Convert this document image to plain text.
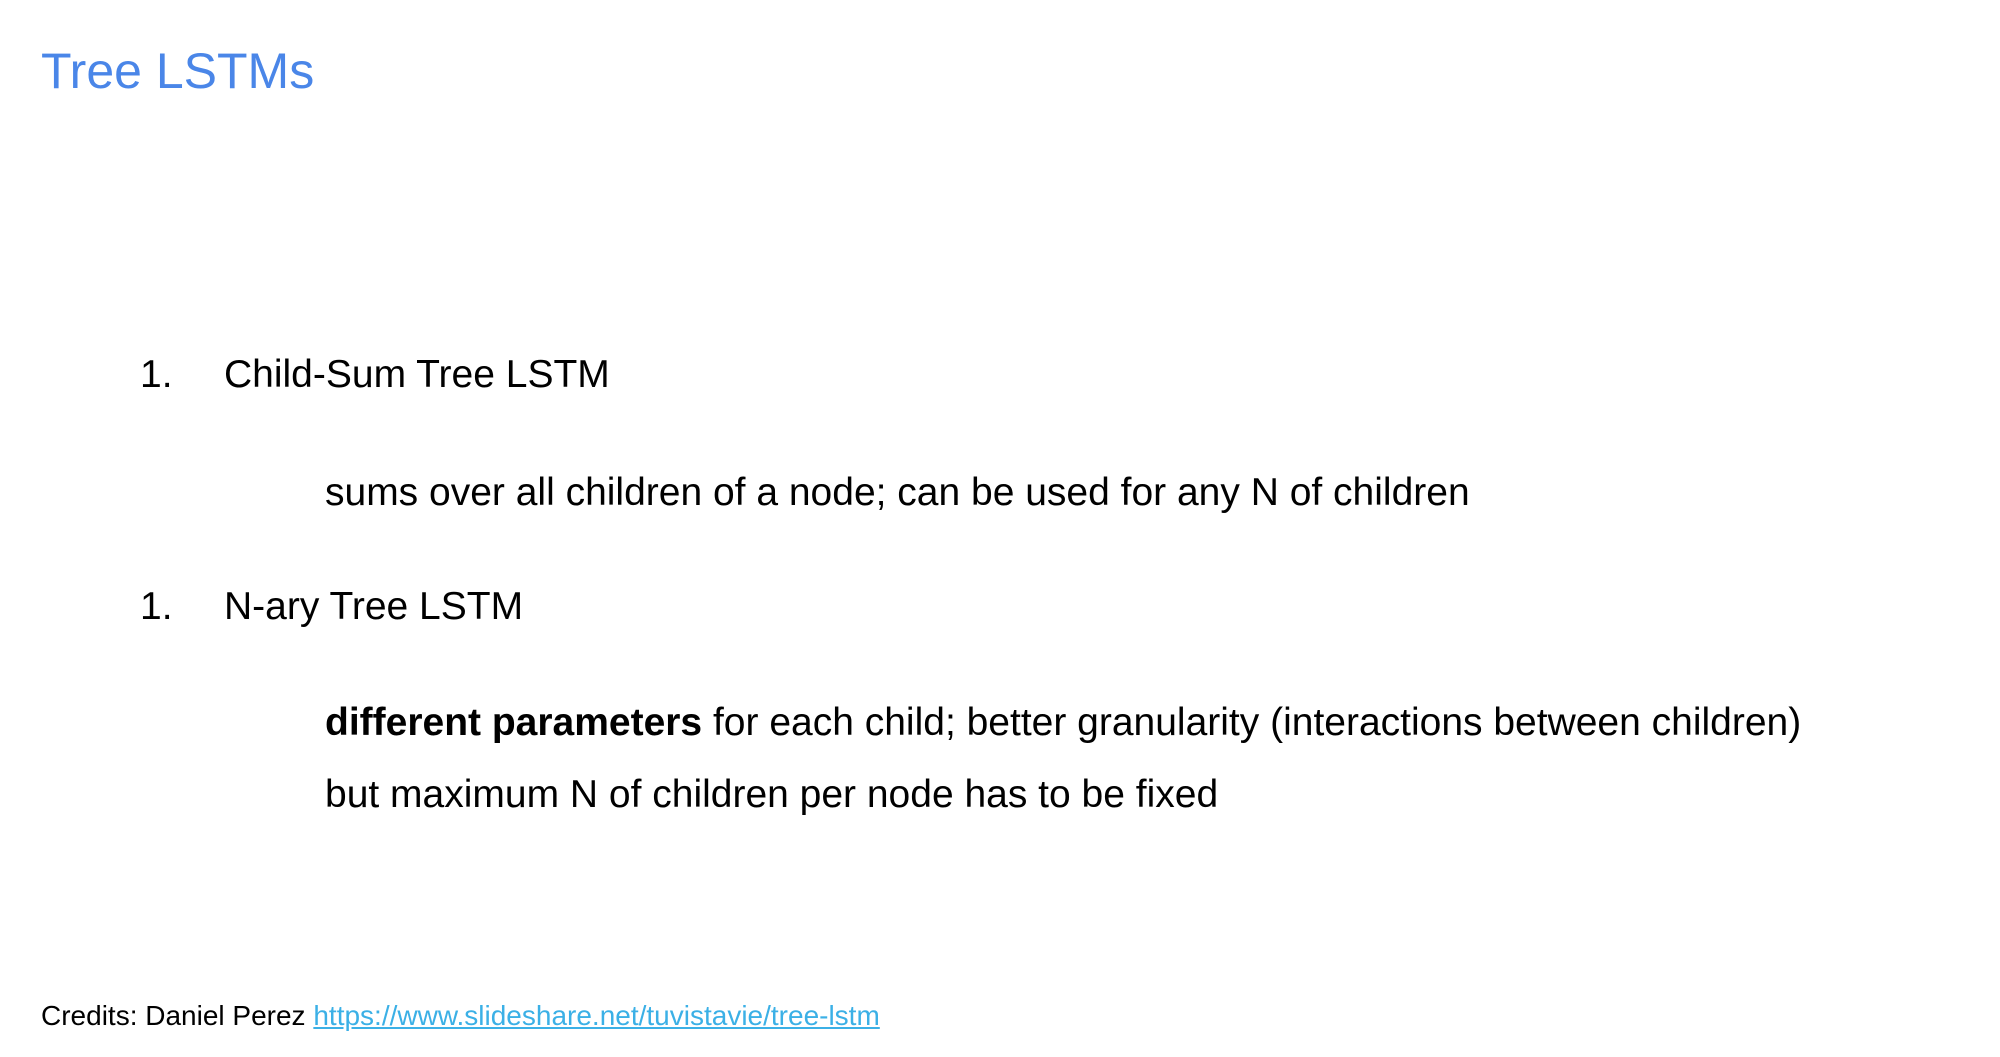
Tree LSTMs
1. Child-Sum Tree LSTM
sums over all children of a node; can be used for any N of children
1. N-ary Tree LSTM
different parameters for each child; better granularity (interactions between children)
but maximum N of children per node has to be fixed
Credits: Daniel Perez https://www.slideshare.net/tuvistavie/tree-lstm
